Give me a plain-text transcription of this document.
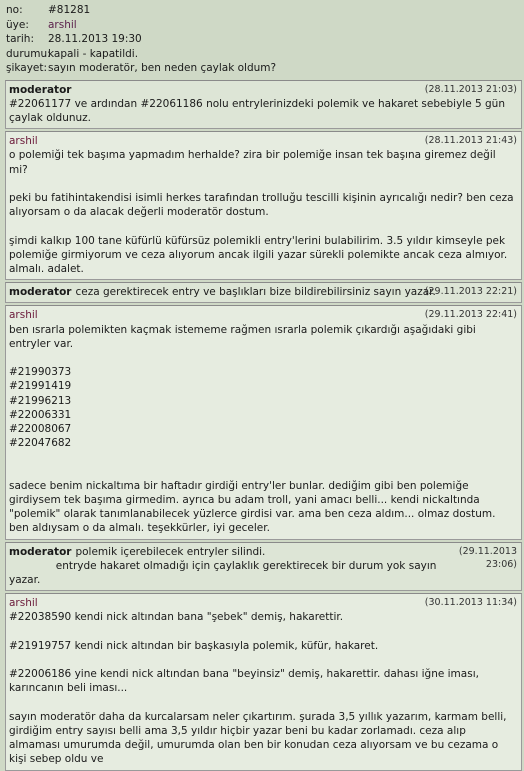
no:	#81281
üye:	arshil
tarih:	28.11.2013 19:30
durumu:
kapali - kapatildi.
şikayet: sayın moderatör, ben neden çaylak oldum?
moderator	(28.11.2013 21:03)
#22061177 ve ardından #22061186 nolu entrylerinizdeki polemik ve hakaret sebebiyle 5 gün çaylak oldunuz.
arshil	(28.11.2013 21:43)
o polemiği tek başıma yapmadım herhalde? zira bir polemiğe insan tek başına giremez değil mi?

peki bu fatihintakendisi isimli herkes tarafından trolluğu tescilli kişinin ayrıcalığı nedir? ben ceza alıyorsam o da alacak değerli moderatör dostum.

şimdi kalkıp 100 tane küfürlü küfürsüz polemikli entry'lerini bulabilirim. 3.5 yıldır kimseyle pek polemiğe girmiyorum ve ceza alıyorum ancak ilgili yazar sürekli polemikte ancak ceza almıyor. almalı. adalet.
moderator ceza gerektirecek entry ve başlıkları bize bildirebilirsiniz sayın yazar.
(29.11.2013 22:21)
arshil	(29.11.2013 22:41)
ben ısrarla polemikten kaçmak istememe rağmen ısrarla polemik çıkardığı aşağıdaki gibi entryler var.

#21990373
#21991419
#21996213
#22006331
#22008067
#22047682

sadece benim nickaltıma bir haftadır girdiği entry'ler bunlar. dediğim gibi ben polemiğe girdiysem tek başıma girmedim. ayrıca bu adam troll, yani amacı belli... kendi nickaltında "polemik" olarak tanımlanabilecek yüzlerce girdisi var. ama ben ceza aldım... olmaz dostum. ben aldıysam o da almalı. teşekkürler, iyi geceler.
moderator polemik içerebilecek entryler silindi.
entryde hakaret olmadığı için çaylaklık gerektirecek bir durum yok sayın yazar.
(29.11.2013 23:06)
arshil	(30.11.2013 11:34)
#22038590 kendi nick altından bana "şebek" demiş, hakarettir.

#21919757 kendi nick altından bir başkasıyla polemik, küfür, hakaret.

#22006186 yine kendi nick altından bana "beyinsiz" demiş, hakarettir. dahası iğne iması, karıncanın beli iması...

sayın moderatör daha da kurcalarsam neler çıkartırım. şurada 3,5 yıllık yazarım, karmam belli, girdiğim entry sayısı belli ama 3,5 yıldır hiçbir yazar beni bu kadar zorlamadı. ceza alıp almaması umurumda değil, umurumda olan ben bir konudan ceza alıyorsam ve bu cezama o kişi sebep oldu ve
